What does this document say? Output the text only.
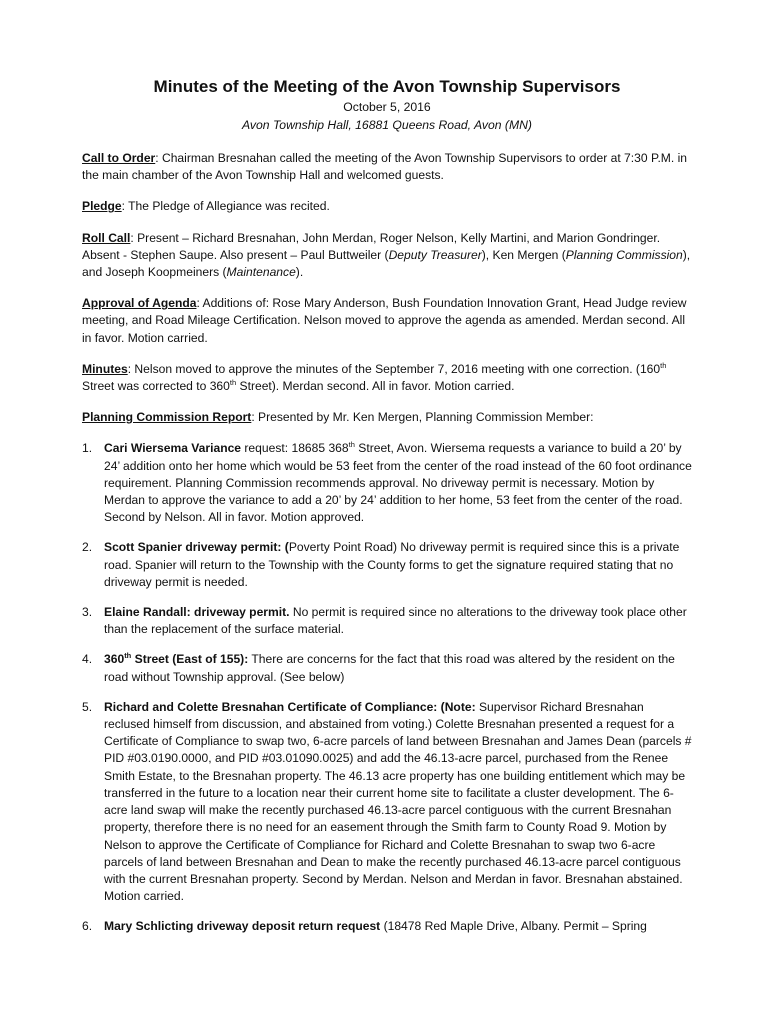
Minutes of the Meeting of the Avon Township Supervisors
October 5, 2016
Avon Township Hall, 16881 Queens Road, Avon (MN)

Call to Order: Chairman Bresnahan called the meeting of the Avon Township Supervisors to order at 7:30 P.M. in the main chamber of the Avon Township Hall and welcomed guests.

Pledge: The Pledge of Allegiance was recited.

Roll Call: Present – Richard Bresnahan, John Merdan, Roger Nelson, Kelly Martini, and Marion Gondringer. Absent - Stephen Saupe. Also present – Paul Buttweiler (Deputy Treasurer), Ken Mergen (Planning Commission), and Joseph Koopmeiners (Maintenance).

Approval of Agenda: Additions of: Rose Mary Anderson, Bush Foundation Innovation Grant, Head Judge review meeting, and Road Mileage Certification. Nelson moved to approve the agenda as amended. Merdan second. All in favor. Motion carried.

Minutes: Nelson moved to approve the minutes of the September 7, 2016 meeting with one correction. (160th Street was corrected to 360th Street). Merdan second. All in favor. Motion carried.

Planning Commission Report: Presented by Mr. Ken Mergen, Planning Commission Member:

1. Cari Wiersema Variance request: 18685 368th Street, Avon. Wiersema requests a variance to build a 20’ by 24’ addition onto her home which would be 53 feet from the center of the road instead of the 60 foot ordinance requirement. Planning Commission recommends approval. No driveway permit is necessary. Motion by Merdan to approve the variance to add a 20’ by 24’ addition to her home, 53 feet from the center of the road. Second by Nelson. All in favor. Motion approved.
2. Scott Spanier driveway permit: (Poverty Point Road) No driveway permit is required since this is a private road. Spanier will return to the Township with the County forms to get the signature required stating that no driveway permit is needed.
3. Elaine Randall: driveway permit. No permit is required since no alterations to the driveway took place other than the replacement of the surface material.
4. 360th Street (East of 155): There are concerns for the fact that this road was altered by the resident on the road without Township approval. (See below)
5. Richard and Colette Bresnahan Certificate of Compliance: (Note: Supervisor Richard Bresnahan reclused himself from discussion, and abstained from voting.) Colette Bresnahan presented a request for a Certificate of Compliance to swap two, 6-acre parcels of land between Bresnahan and James Dean (parcels # PID #03.0190.0000, and PID #03.01090.0025) and add the 46.13-acre parcel, purchased from the Renee Smith Estate, to the Bresnahan property. The 46.13 acre property has one building entitlement which may be transferred in the future to a location near their current home site to facilitate a cluster development. The 6-acre land swap will make the recently purchased 46.13-acre parcel contiguous with the current Bresnahan property, therefore there is no need for an easement through the Smith farm to County Road 9. Motion by Nelson to approve the Certificate of Compliance for Richard and Colette Bresnahan to swap two 6-acre parcels of land between Bresnahan and Dean to make the recently purchased 46.13-acre parcel contiguous with the current Bresnahan property. Second by Merdan. Nelson and Merdan in favor. Bresnahan abstained. Motion carried.
6. Mary Schlicting driveway deposit return request (18478 Red Maple Drive, Albany. Permit – Spring
